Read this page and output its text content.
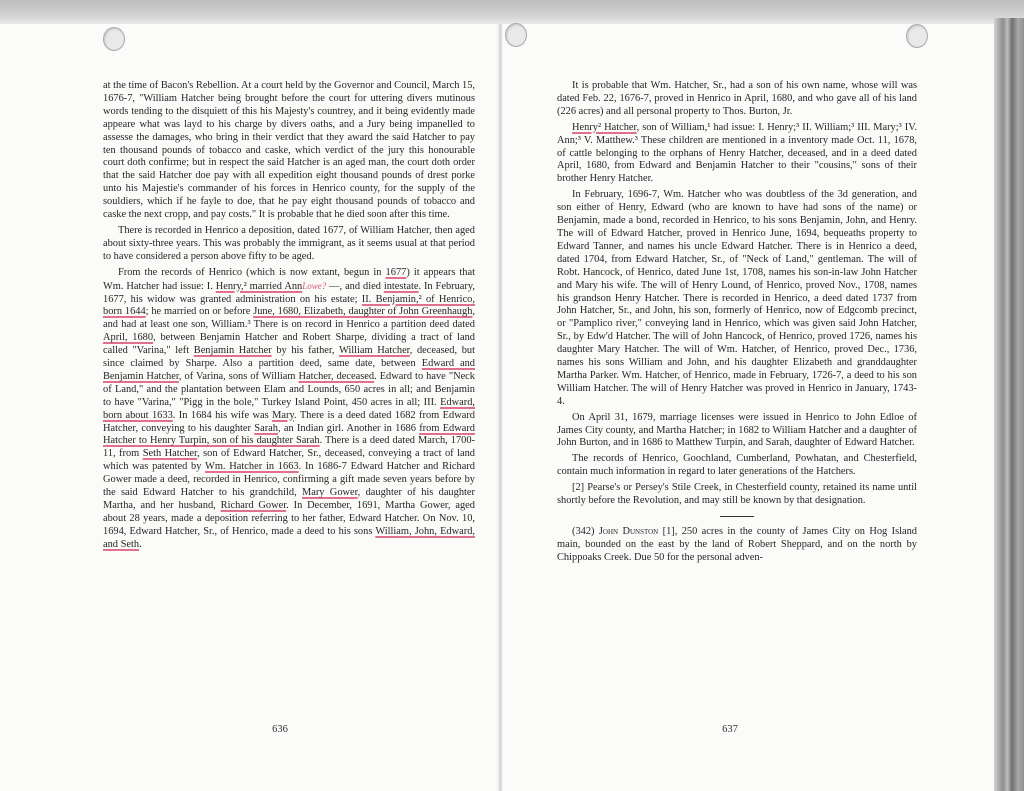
at the time of Bacon's Rebellion. At a court held by the Governor and Council, March 15, 1676-7, "William Hatcher being brought before the court for uttering divers mutinous words tending to the disquiett of this his Majesty's countrey, and it being evidently made appeare what was layd to his charge by divers oaths, and a Jury being impanelled to assesse the damages, who bring in their verdict that they award the said Hatcher to pay ten thousand pounds of tobacco and caske, which verdict of the jury this honourable court doth confirme; but in respect the said Hatcher is an aged man, the court doth order that the said Hatcher doe pay with all expedition eight thousand pounds of drest porke unto his Majestie's commander of his forces in Henrico county, for the supply of the souldiers, which if he fayle to doe, that he pay eight thousand pounds of tobacco and caske the next cropp, and pay costs." It is probable that he died soon after this time.

There is recorded in Henrico a deposition, dated 1677, of William Hatcher, then aged about sixty-three years. This was probably the immigrant, as it seems usual at that period to have considered a person above fifty to be aged.

From the records of Henrico (which is now extant, begun in 1677) it appears that Wm. Hatcher had issue: I. Henry,² married AnnLowe? —, and died intestate. In February, 1677, his widow was granted administration on his estate; II. Benjamin,² of Henrico, born 1644; he married on or before June, 1680, Elizabeth, daughter of John Greenhaugh, and had at least one son, William.³ There is on record in Henrico a partition deed dated April, 1680, between Benjamin Hatcher and Robert Sharpe, dividing a tract of land called "Varina," left Benjamin Hatcher by his father, William Hatcher, deceased, but since claimed by Sharpe. Also a partition deed, same date, between Edward and Benjamin Hatcher, of Varina, sons of William Hatcher, deceased. Edward to have "Neck of Land," and the plantation between Elam and Lounds, 650 acres in all; and Benjamin to have "Varina," "Pigg in the bole," Turkey Island Point, 450 acres in all; III. Edward, born about 1633. In 1684 his wife was Mary. There is a deed dated 1682 from Edward Hatcher, conveying to his daughter Sarah, an Indian girl. Another in 1686 from Edward Hatcher to Henry Turpin, son of his daughter Sarah. There is a deed dated March, 1700-11, from Seth Hatcher, son of Edward Hatcher, Sr., deceased, conveying a tract of land which was patented by Wm. Hatcher in 1663. In 1686-7 Edward Hatcher and Richard Gower made a deed, recorded in Henrico, confirming a gift made seven years before by the said Edward Hatcher to his grandchild, Mary Gower, daughter of his daughter Martha, and her husband, Richard Gower. In December, 1691, Martha Gower, aged about 28 years, made a deposition referring to her father, Edward Hatcher. On Nov. 10, 1694, Edward Hatcher, Sr., of Henrico, made a deed to his sons William, John, Edward, and Seth.

It is probable that Wm. Hatcher, Sr., had a son of his own name, whose will was dated Feb. 22, 1676-7, proved in Henrico in April, 1680, and who gave all of his land (226 acres) and all personal property to Thos. Burton, Jr.

Henry² Hatcher, son of William,¹ had issue: I. Henry;³ II. William;³ III. Mary;³ IV. Ann;³ V. Matthew.³ These children are mentioned in a inventory made Oct. 11, 1678, of cattle belonging to the orphans of Henry Hatcher, deceased, and in a deed dated April, 1680, from Edward and Benjamin Hatcher to their "cousins," sons of their brother Henry Hatcher.

In February, 1696-7, Wm. Hatcher who was doubtless of the 3d generation, and son either of Henry, Edward (who are known to have had sons of the name) or Benjamin, made a bond, recorded in Henrico, to his sons Benjamin, John, and Henry. The will of Edward Hatcher, proved in Henrico June, 1694, bequeaths property to Edward Tanner, and names his uncle Edward Hatcher. There is in Henrico a deed, dated 1704, from Edward Hatcher, Sr., of "Neck of Land," gentleman. The will of Robt. Hancock, of Henrico, dated June 1st, 1708, names his son-in-law John Hatcher and Mary his wife. The will of Henry Lound, of Henrico, proved Nov., 1708, names his grandson Henry Hatcher. There is recorded in Henrico, a deed dated 1737 from John Hatcher, Sr., and John, his son, formerly of Henrico, now of Edgcomb precinct, or "Pamplico river," conveying land in Henrico, which was given said John Hatcher, Sr., by Edw'd Hatcher. The will of John Hancock, of Henrico, proved 1726, names his daughter Mary Hatcher. The will of Wm. Hatcher, of Henrico, proved Dec., 1736, names his sons William and John, and his daughter Elizabeth and granddaughter Martha Parker. Wm. Hatcher, of Henrico, made in February, 1726-7, a deed to his son William Hatcher. The will of Henry Hatcher was proved in Henrico in January, 1743-4.

On April 31, 1679, marriage licenses were issued in Henrico to John Edloe of James City county, and Martha Hatcher; in 1682 to William Hatcher and a daughter of John Burton, and in 1686 to Matthew Turpin, and Sarah, daughter of Edward Hatcher.

The records of Henrico, Goochland, Cumberland, Powhatan, and Chesterfield, contain much information in regard to later generations of the Hatchers.

[2] Pearse's or Persey's Stile Creek, in Chesterfield county, retained its name until shortly before the Revolution, and may still be known by that designation.

(342) John Dunston [1], 250 acres in the county of James City on Hog Island main, bounded on the east by the land of Robert Sheppard, and on the north by Chippoaks Creek. Due 50 for the personal adven-

636	637
